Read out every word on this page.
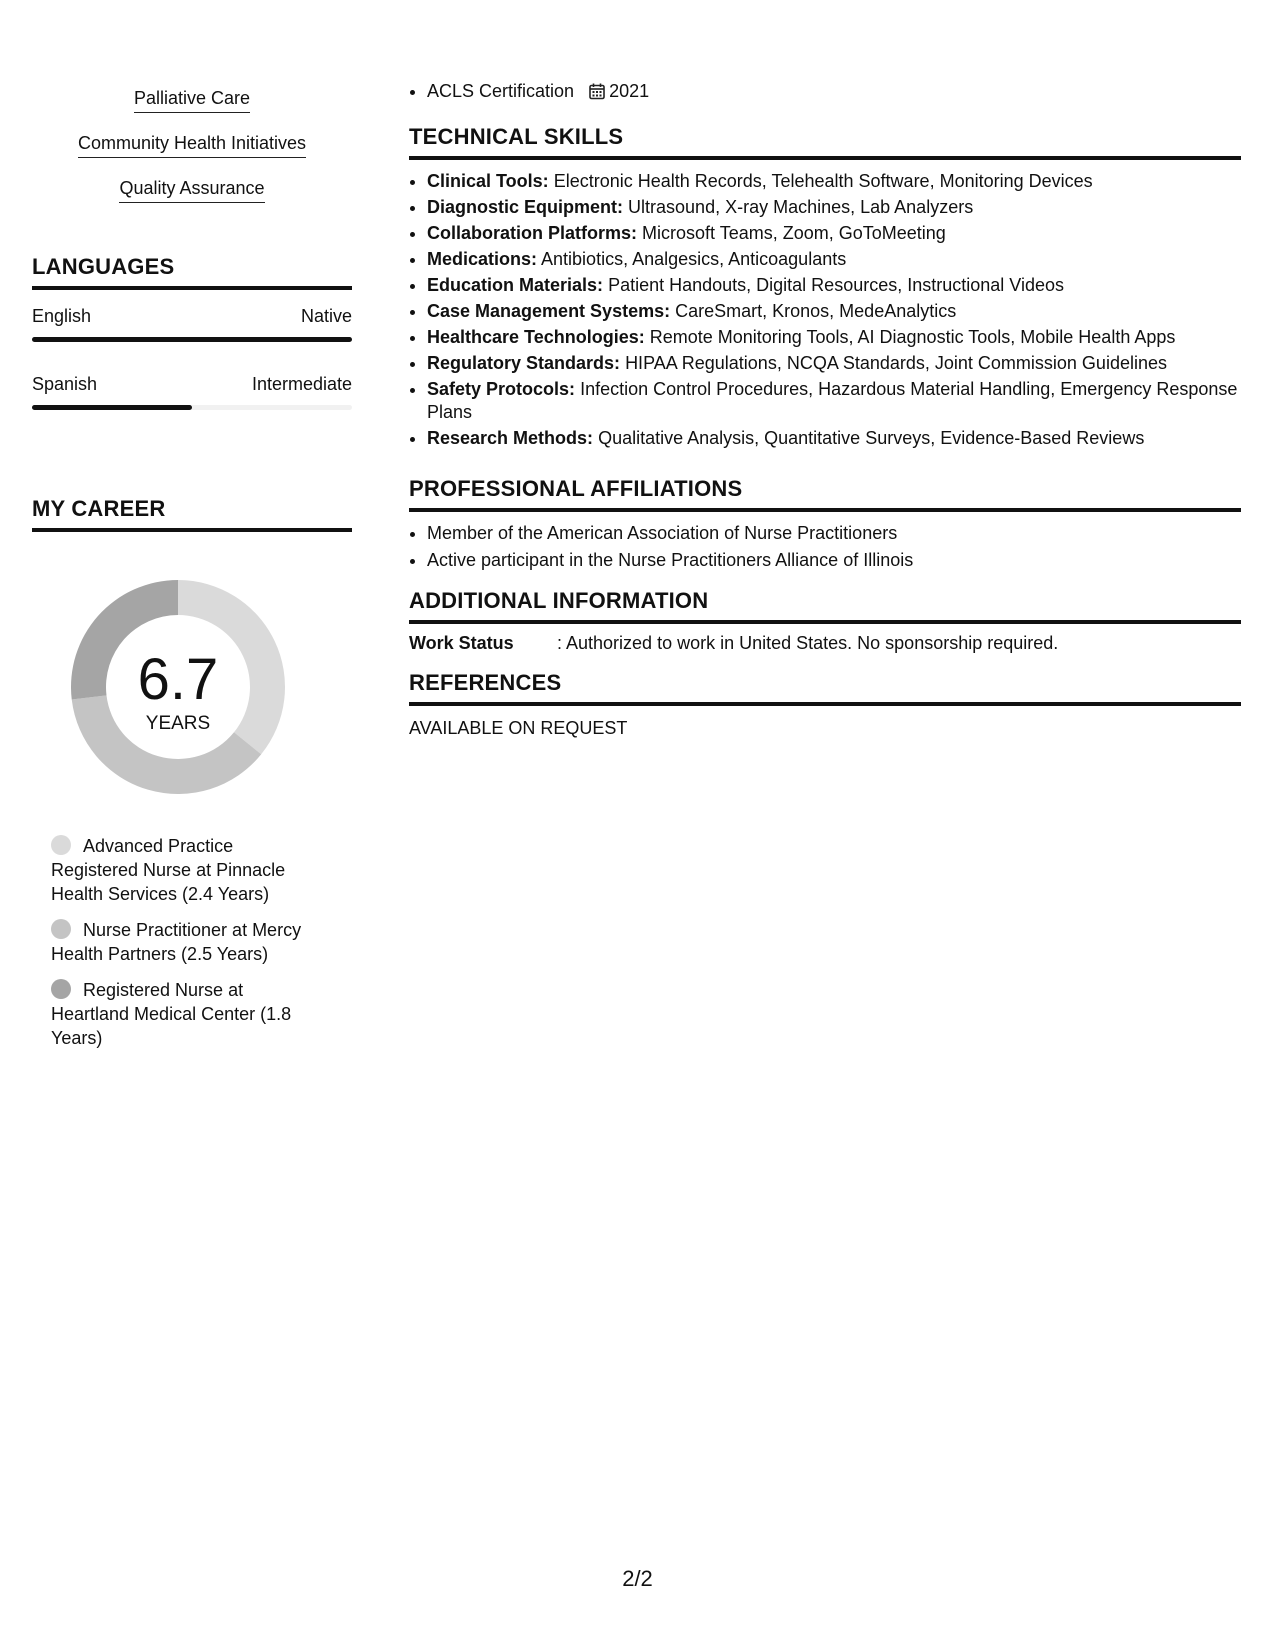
Palliative Care
Community Health Initiatives
Quality Assurance
LANGUAGES
English	Native
Spanish	Intermediate
MY CAREER
6.7
YEARS
Advanced Practice Registered Nurse at Pinnacle Health Services (2.4 Years)
Nurse Practitioner at Mercy Health Partners (2.5 Years)
Registered Nurse at Heartland Medical Center (1.8 Years)
• ACLS Certification 2021
TECHNICAL SKILLS
• Clinical Tools: Electronic Health Records, Telehealth Software, Monitoring Devices
• Diagnostic Equipment: Ultrasound, X-ray Machines, Lab Analyzers
• Collaboration Platforms: Microsoft Teams, Zoom, GoToMeeting
• Medications: Antibiotics, Analgesics, Anticoagulants
• Education Materials: Patient Handouts, Digital Resources, Instructional Videos
• Case Management Systems: CareSmart, Kronos, MedeAnalytics
• Healthcare Technologies: Remote Monitoring Tools, AI Diagnostic Tools, Mobile Health Apps
• Regulatory Standards: HIPAA Regulations, NCQA Standards, Joint Commission Guidelines
• Safety Protocols: Infection Control Procedures, Hazardous Material Handling, Emergency Response Plans
• Research Methods: Qualitative Analysis, Quantitative Surveys, Evidence-Based Reviews
PROFESSIONAL AFFILIATIONS
• Member of the American Association of Nurse Practitioners
• Active participant in the Nurse Practitioners Alliance of Illinois
ADDITIONAL INFORMATION
Work Status : Authorized to work in United States. No sponsorship required.
REFERENCES
AVAILABLE ON REQUEST
2/2
